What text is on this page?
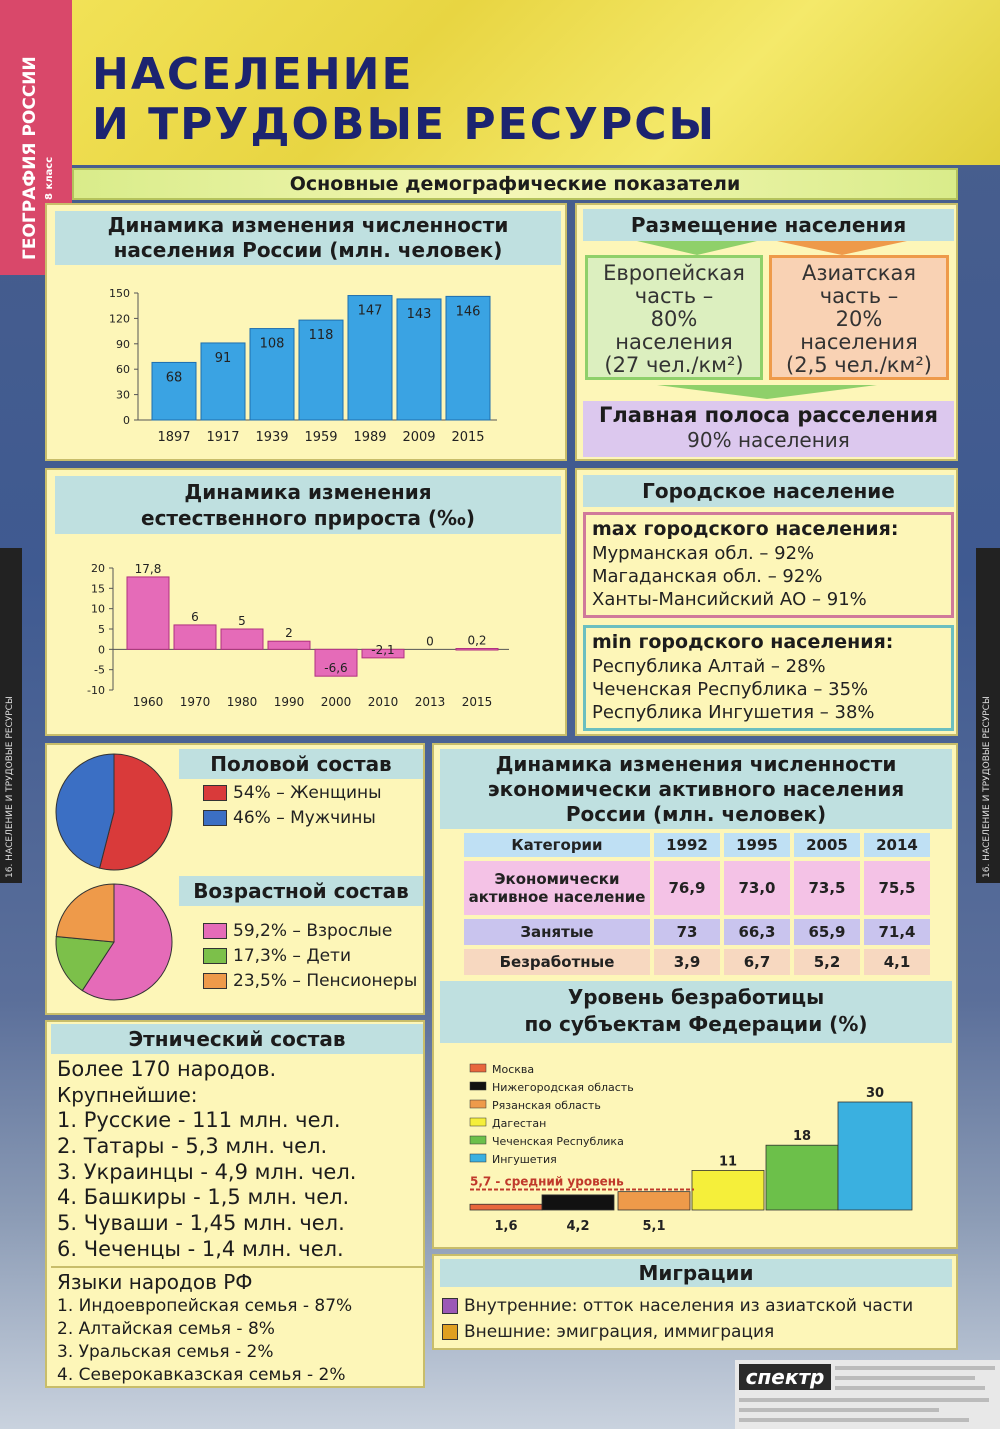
ГЕОГРАФИЯ РОССИИ 8 класс
НАСЕЛЕНИЕ
И ТРУДОВЫЕ РЕСУРСЫ
16. НАСЕЛЕНИЕ И ТРУДОВЫЕ РЕСУРСЫ	16. НАСЕЛЕНИЕ И ТРУДОВЫЕ РЕСУРСЫ
Основные демографические показатели
Динамика изменения численности
населения России (млн. человек)
0
30
60
90
120
150
68
1897
91
1917
108
1939
118
1959
147
1989
143
2009
146
2015
Размещение населения
Европейская
часть –
80%
населения
(27 чел./км²)
Азиатская
часть –
20%
населения
(2,5 чел./км²)
Главная полоса расселения
90% населения
Динамика изменения
естественного прироста (‰)
-10
-5
0
5
10
15
20 17,8
1960
6
1970
5
1980
2
1990
-6,6
2000
-2,1
2010
0
2013
0,2
2015
Городское население
max городского населения:
Мурманская обл. – 92%
Магаданская обл. – 92%
Ханты-Мансийский АО – 91%
min городского населения:
Республика Алтай – 28%
Чеченская Республика – 35%
Республика Ингушетия – 38%
Половой состав
54% – Женщины
46% – Мужчины
Возрастной состав
59,2% – Взрослые
17,3% – Дети
23,5% – Пенсионеры
Динамика изменения численности
экономически активного населения
России (млн. человек)
Категории	1992	1995	2005	2014
Экономически активное население	76,9	73,0	73,5	75,5
Занятые	73	66,3	65,9	71,4
Безработные	3,9	6,7	5,2	4,1
Уровень безработицы
по субъектам Федерации (%)
Москва
Нижегородская область
Рязанская область
Дагестан
Чеченская Республика
Ингушетия
1,6	4,2	5,1
11
18
30
5,7 - средний уровень
Этнический состав
Более 170 народов.
Крупнейшие:
1. Русские - 111 млн. чел.
2. Татары - 5,3 млн. чел.
3. Украинцы - 4,9 млн. чел.
4. Башкиры - 1,5 млн. чел.
5. Чуваши - 1,45 млн. чел.
6. Чеченцы - 1,4 млн. чел.
Языки народов РФ
1. Индоевропейская семья - 87%
2. Алтайская семья - 8%
3. Уральская семья - 2%
4. Северокавказская семья - 2%
Миграции
Внутренние: отток населения из азиатской части
Внешние: эмиграция, иммиграция
спектр
